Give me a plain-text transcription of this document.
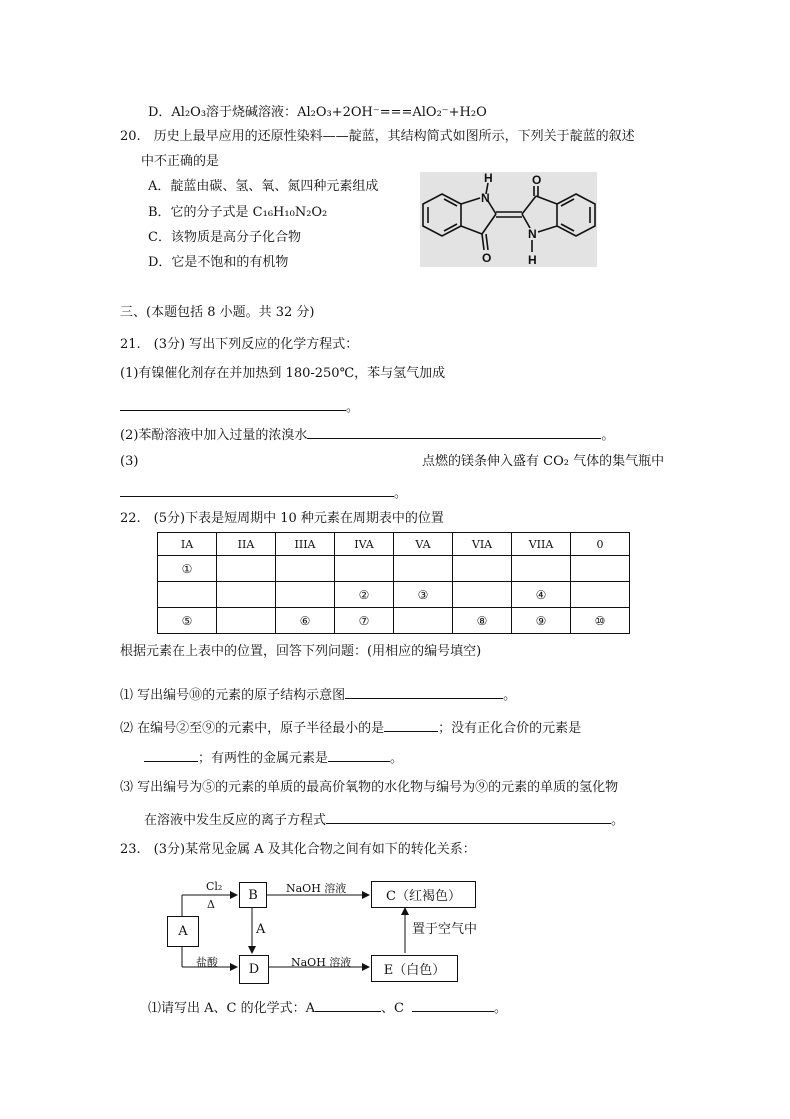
D．Al₂O₃溶于烧碱溶液：Al₂O₃+2OH⁻===AlO₂⁻+H₂O
20.　历史上最早应用的还原性染料——靛蓝，其结构简式如图所示，下列关于靛蓝的叙述
中不正确的是
A．靛蓝由碳、氢、氧、氮四种元素组成
B．它的分子式是 C₁₆H₁₀N₂O₂
C．该物质是高分子化合物
D．它是不饱和的有机物
H
N
O
O
N
H
三、(本题包括 8 小题。共 32 分)
21.　(3分) 写出下列反应的化学方程式：
(1)有镍催化剂存在并加热到 180-250℃，苯与氢气加成
。
(2)苯酚溶液中加入过量的浓溴水	。
(3)	点燃的镁条伸入盛有 CO₂ 气体的集气瓶中
。
22.　(5分)下表是短周期中 10 种元素在周期表中的位置
IA	IIA	IIIA	IVA	VA	VIA	VIIA	0
①							
			②	③		④	
⑤		⑥	⑦		⑧	⑨	⑩
根据元素在上表中的位置，回答下列问题：(用相应的编号填空)
⑴ 写出编号⑩的元素的原子结构示意图	。
⑵ 在编号②至⑨的元素中，原子半径最小的是	；没有正化合价的元素是
；有两性的金属元素是	。
⑶ 写出编号为⑤的元素的单质的最高价氧物的水化物与编号为⑨的元素的单质的氢化物
在溶液中发生反应的离子方程式	。
23.　(3分)某常见金属 A 及其化合物之间有如下的转化关系：
A
B	C（红褐色）
D	E（白色）
Cl₂
Δ
NaOH 溶液
A
盐酸	NaOH 溶液
置于空气中
⑴请写出 A、C 的化学式：A	、C	。
